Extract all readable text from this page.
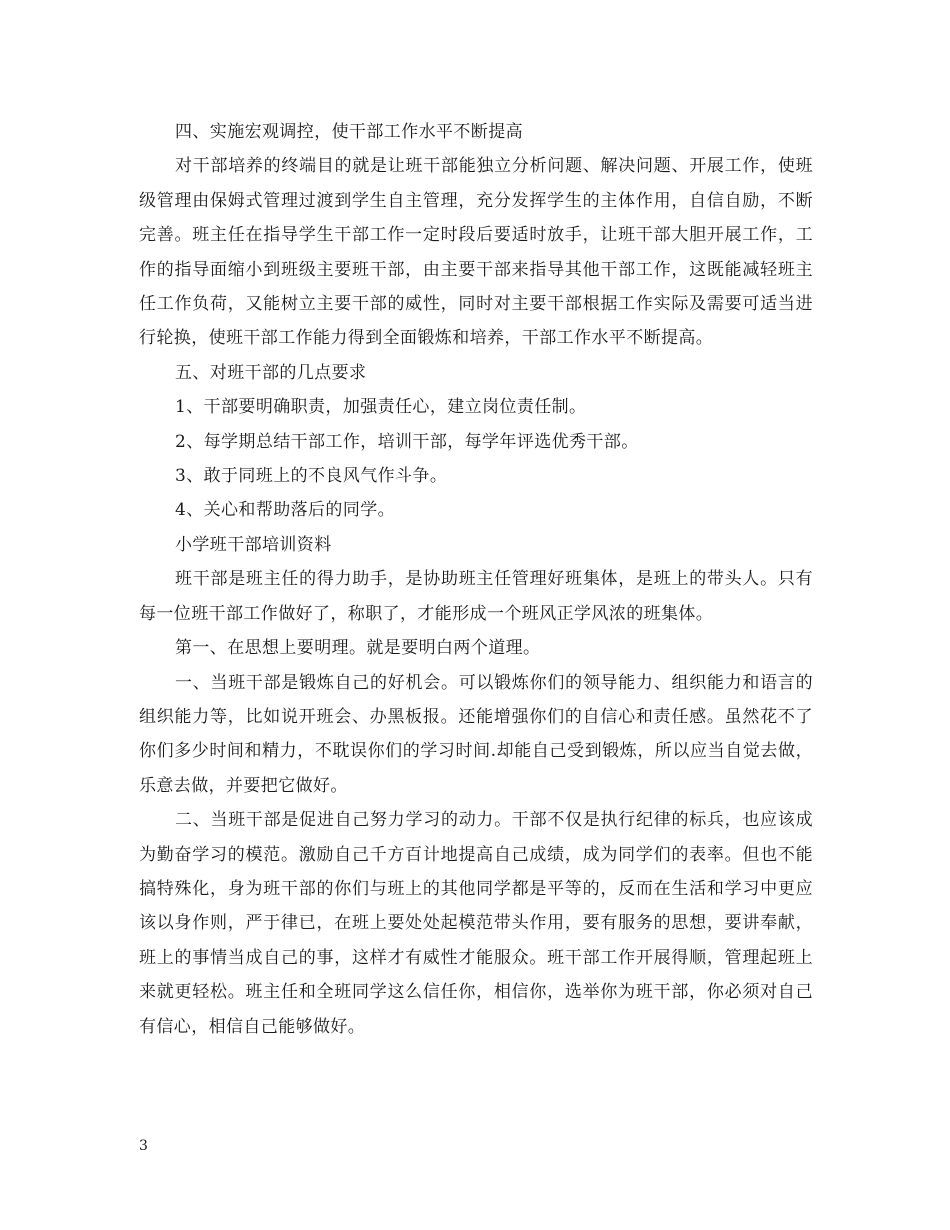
四、实施宏观调控，使干部工作水平不断提高

对干部培养的终端目的就是让班干部能独立分析问题、解决问题、开展工作，使班级管理由保姆式管理过渡到学生自主管理，充分发挥学生的主体作用，自信自励，不断完善。班主任在指导学生干部工作一定时段后要适时放手，让班干部大胆开展工作，工作的指导面缩小到班级主要班干部，由主要干部来指导其他干部工作，这既能减轻班主任工作负荷，又能树立主要干部的威性，同时对主要干部根据工作实际及需要可适当进行轮换，使班干部工作能力得到全面锻炼和培养，干部工作水平不断提高。

五、对班干部的几点要求

1、干部要明确职责，加强责任心，建立岗位责任制。

2、每学期总结干部工作，培训干部，每学年评选优秀干部。

3、敢于同班上的不良风气作斗争。

4、关心和帮助落后的同学。

小学班干部培训资料

班干部是班主任的得力助手，是协助班主任管理好班集体，是班上的带头人。只有每一位班干部工作做好了，称职了，才能形成一个班风正学风浓的班集体。

第一、在思想上要明理。就是要明白两个道理。

一、当班干部是锻炼自己的好机会。可以锻炼你们的领导能力、组织能力和语言的组织能力等，比如说开班会、办黑板报。还能增强你们的自信心和责任感。虽然花不了你们多少时间和精力，不耽误你们的学习时间.却能自己受到锻炼，所以应当自觉去做，乐意去做，并要把它做好。

二、当班干部是促进自己努力学习的动力。干部不仅是执行纪律的标兵，也应该成为勤奋学习的模范。激励自己千方百计地提高自己成绩，成为同学们的表率。但也不能搞特殊化，身为班干部的你们与班上的其他同学都是平等的，反而在生活和学习中更应该以身作则，严于律已，在班上要处处起模范带头作用，要有服务的思想，要讲奉献，班上的事情当成自己的事，这样才有威性才能服众。班干部工作开展得顺，管理起班上来就更轻松。班主任和全班同学这么信任你，相信你，选举你为班干部，你必须对自己有信心，相信自己能够做好。

3
